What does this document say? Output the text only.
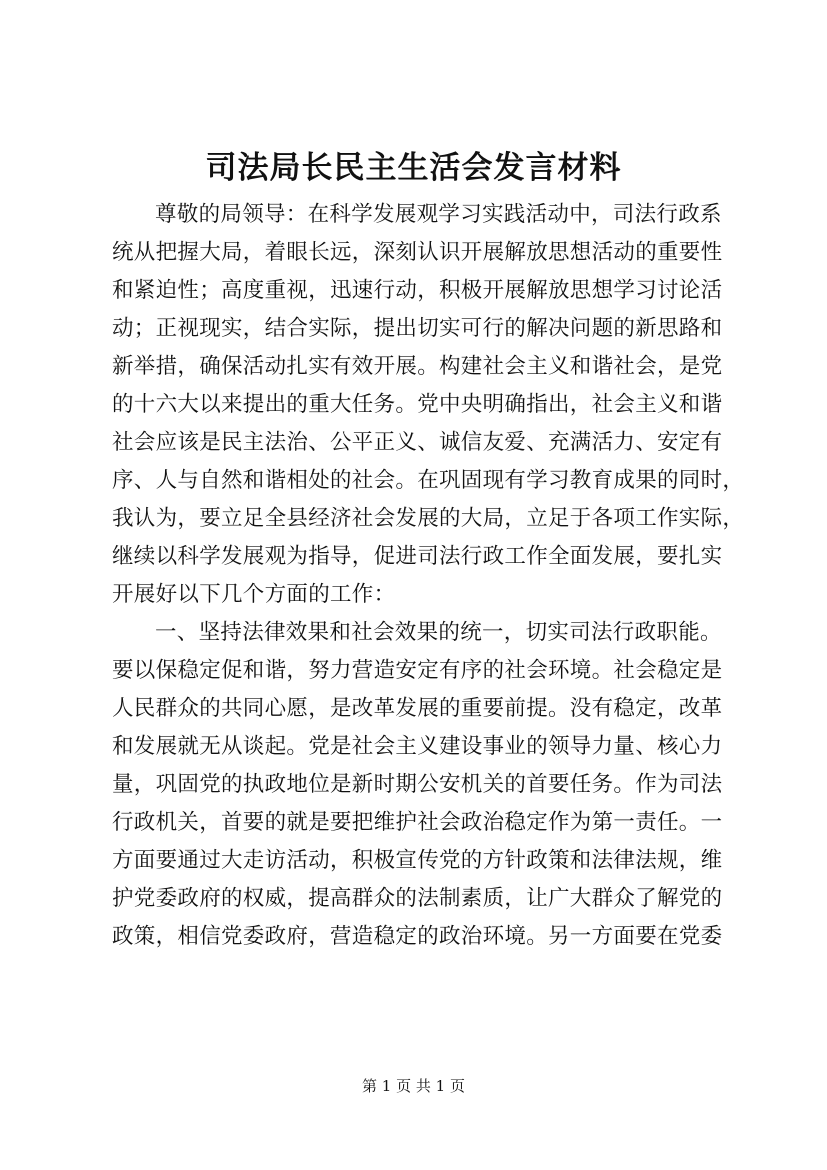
司法局长民主生活会发言材料
尊敬的局领导：在科学发展观学习实践活动中，司法行政系
统从把握大局，着眼长远，深刻认识开展解放思想活动的重要性
和紧迫性；高度重视，迅速行动，积极开展解放思想学习讨论活
动；正视现实，结合实际，提出切实可行的解决问题的新思路和
新举措，确保活动扎实有效开展。构建社会主义和谐社会，是党
的十六大以来提出的重大任务。党中央明确指出，社会主义和谐
社会应该是民主法治、公平正义、诚信友爱、充满活力、安定有
序、人与自然和谐相处的社会。在巩固现有学习教育成果的同时，
我认为，要立足全县经济社会发展的大局，立足于各项工作实际，
继续以科学发展观为指导，促进司法行政工作全面发展，要扎实
开展好以下几个方面的工作：
一、坚持法律效果和社会效果的统一，切实司法行政职能。
要以保稳定促和谐，努力营造安定有序的社会环境。社会稳定是
人民群众的共同心愿，是改革发展的重要前提。没有稳定，改革
和发展就无从谈起。党是社会主义建设事业的领导力量、核心力
量，巩固党的执政地位是新时期公安机关的首要任务。作为司法
行政机关，首要的就是要把维护社会政治稳定作为第一责任。一
方面要通过大走访活动，积极宣传党的方针政策和法律法规，维
护党委政府的权威，提高群众的法制素质，让广大群众了解党的
政策，相信党委政府，营造稳定的政治环境。另一方面要在党委
第 1 页 共 1 页
